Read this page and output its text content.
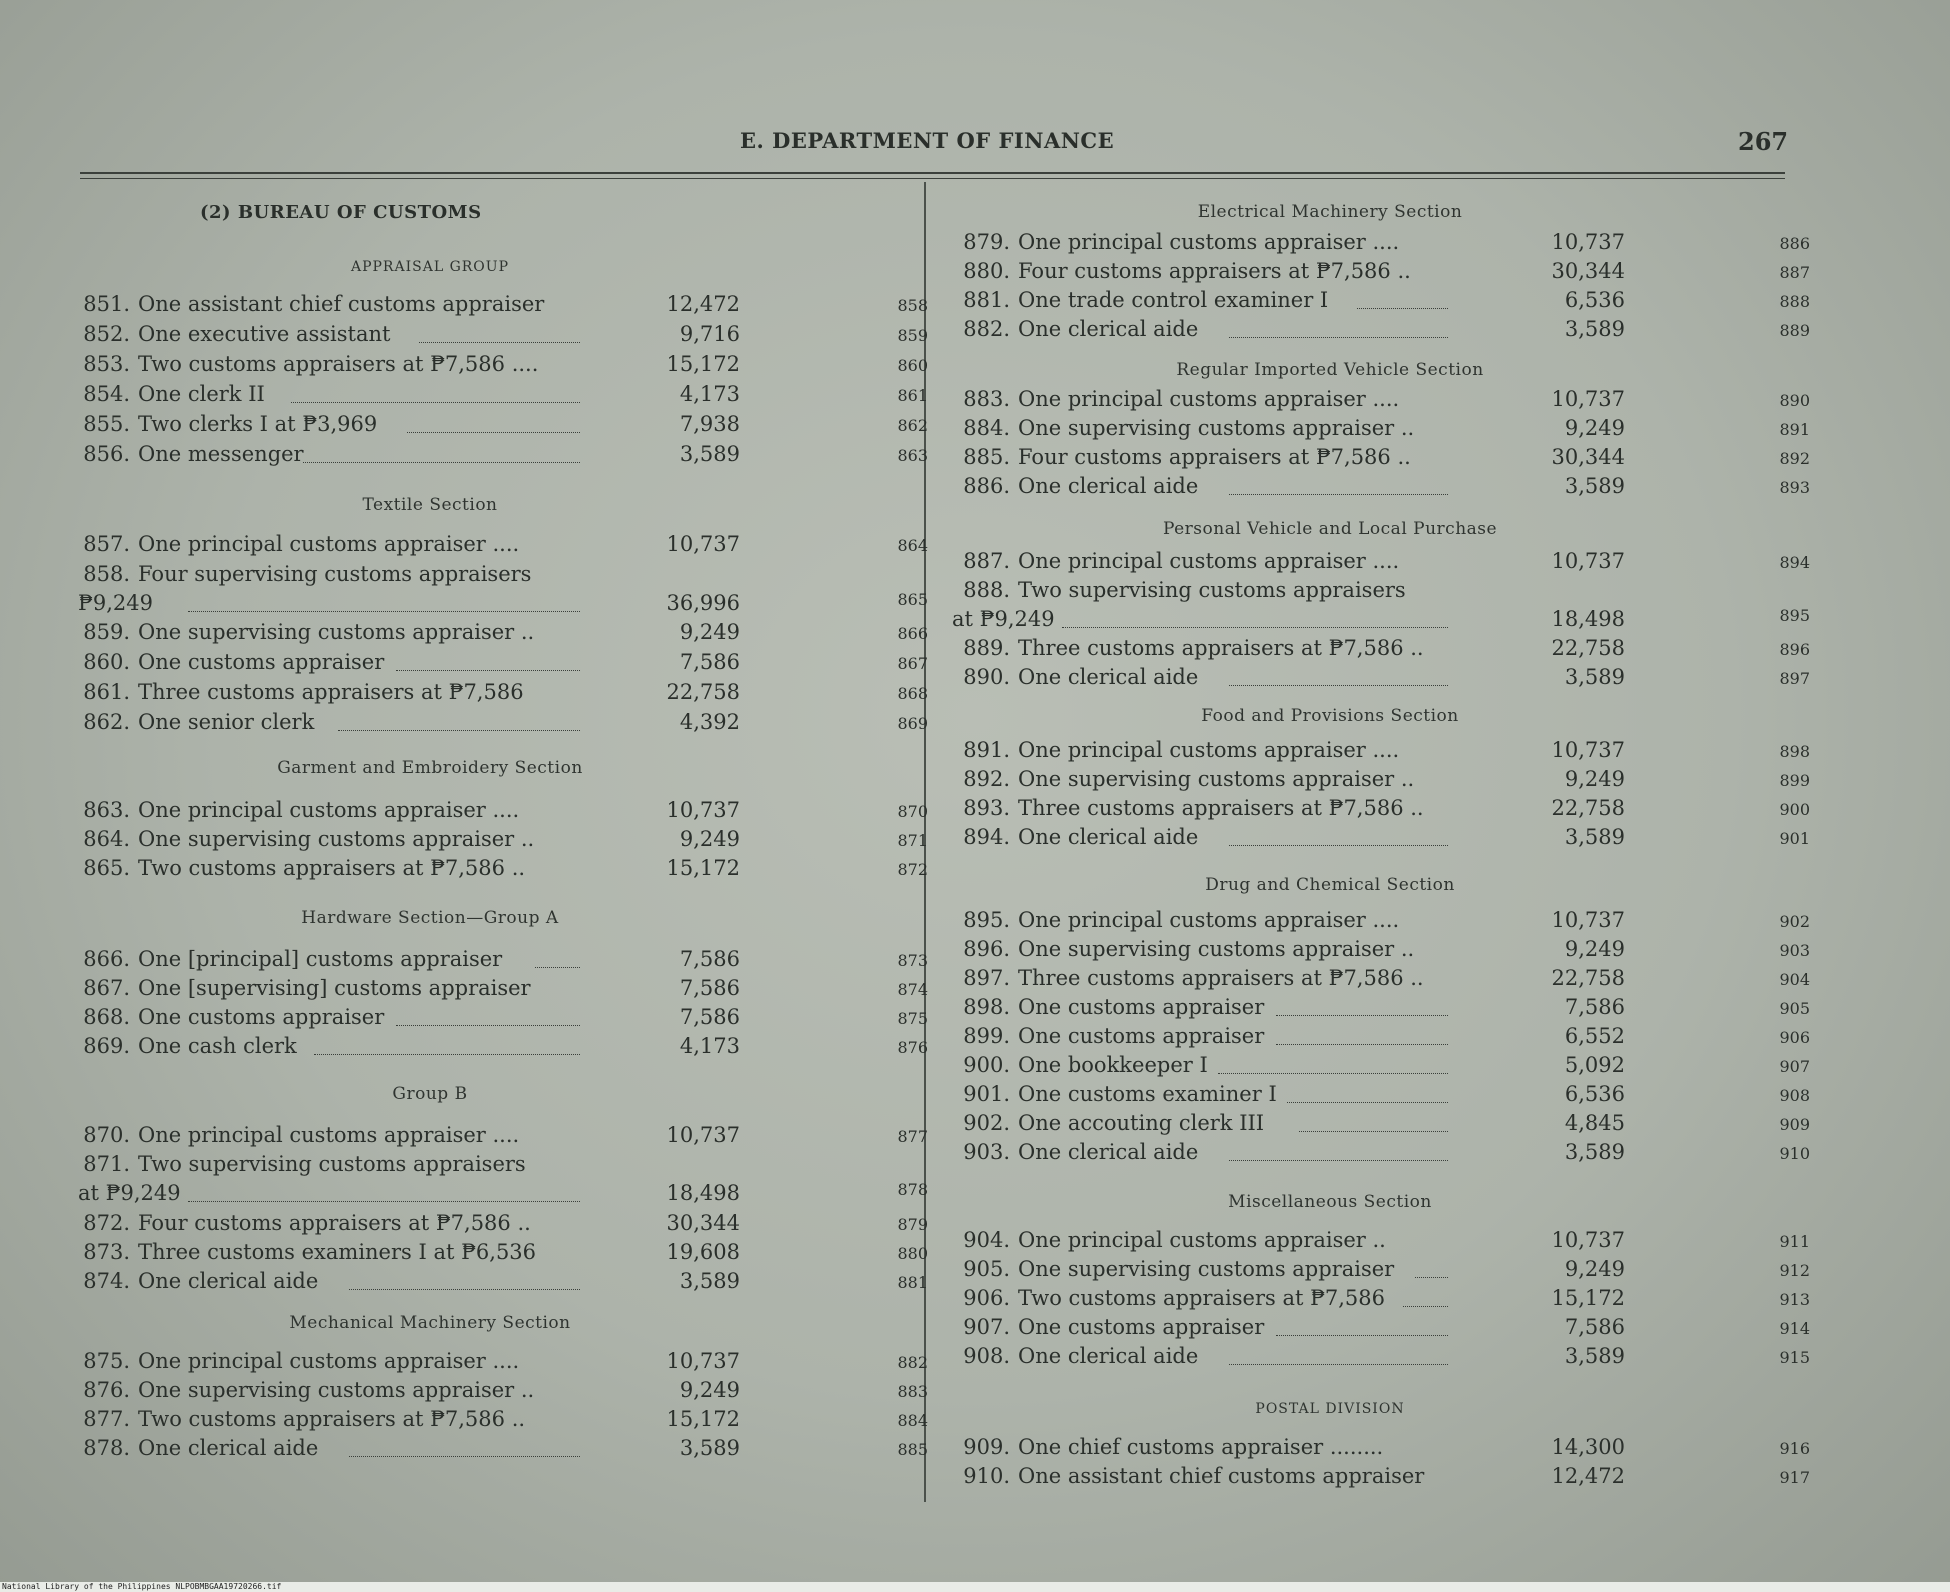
E. DEPARTMENT OF FINANCE	267
(2) BUREAU OF CUSTOMS
National Library of the Philippines NLPOBMBGAA19720266.tif
APPRAISAL GROUP
Textile Section
Garment and Embroidery Section
Hardware Section—Group A
Group B
Mechanical Machinery Section
851. One assistant chief customs appraiser	12,472	858
852. One executive assistant	9,716	859
853. Two customs appraisers at ₱7,586 ....	15,172	860
854. One clerk II	4,173	861
855. Two clerks I at ₱3,969	7,938	862
856. One messenger	3,589	863
857. One principal customs appraiser ....	10,737	864
858. Four supervising customs appraisers
₱9,249	36,996	865
859. One supervising customs appraiser ..	9,249	866
860. One customs appraiser	7,586	867
861. Three customs appraisers at ₱7,586	22,758	868
862. One senior clerk	4,392	869
863. One principal customs appraiser ....	10,737	870
864. One supervising customs appraiser ..	9,249	871
865. Two customs appraisers at ₱7,586 ..	15,172	872
866. One [principal] customs appraiser	7,586	873
867. One [supervising] customs appraiser	7,586	874
868. One customs appraiser	7,586	875
869. One cash clerk	4,173	876
870. One principal customs appraiser ....	10,737	877
871. Two supervising customs appraisers
at ₱9,249	18,498	878
872. Four customs appraisers at ₱7,586 ..	30,344	879
873. Three customs examiners I at ₱6,536	19,608	880
874. One clerical aide	3,589	881
875. One principal customs appraiser ....	10,737	882
876. One supervising customs appraiser ..	9,249	883
877. Two customs appraisers at ₱7,586 ..	15,172	884
878. One clerical aide	3,589	885
Electrical Machinery Section
Regular Imported Vehicle Section
Personal Vehicle and Local Purchase
Food and Provisions Section
Drug and Chemical Section
Miscellaneous Section
POSTAL DIVISION
879. One principal customs appraiser ....	10,737	886
880. Four customs appraisers at ₱7,586 ..	30,344	887
881. One trade control examiner I	6,536	888
882. One clerical aide	3,589	889
883. One principal customs appraiser ....	10,737	890
884. One supervising customs appraiser ..	9,249	891
885. Four customs appraisers at ₱7,586 ..	30,344	892
886. One clerical aide	3,589	893
887. One principal customs appraiser ....	10,737	894
888. Two supervising customs appraisers
at ₱9,249	18,498	895
889. Three customs appraisers at ₱7,586 ..	22,758	896
890. One clerical aide	3,589	897
891. One principal customs appraiser ....	10,737	898
892. One supervising customs appraiser ..	9,249	899
893. Three customs appraisers at ₱7,586 ..	22,758	900
894. One clerical aide	3,589	901
895. One principal customs appraiser ....	10,737	902
896. One supervising customs appraiser ..	9,249	903
897. Three customs appraisers at ₱7,586 ..	22,758	904
898. One customs appraiser	7,586	905
899. One customs appraiser	6,552	906
900. One bookkeeper I	5,092	907
901. One customs examiner I	6,536	908
902. One accouting clerk III	4,845	909
903. One clerical aide	3,589	910
904. One principal customs appraiser ..	10,737	911
905. One supervising customs appraiser	9,249	912
906. Two customs appraisers at ₱7,586	15,172	913
907. One customs appraiser	7,586	914
908. One clerical aide	3,589	915
909. One chief customs appraiser ........	14,300	916
910. One assistant chief customs appraiser	12,472	917
